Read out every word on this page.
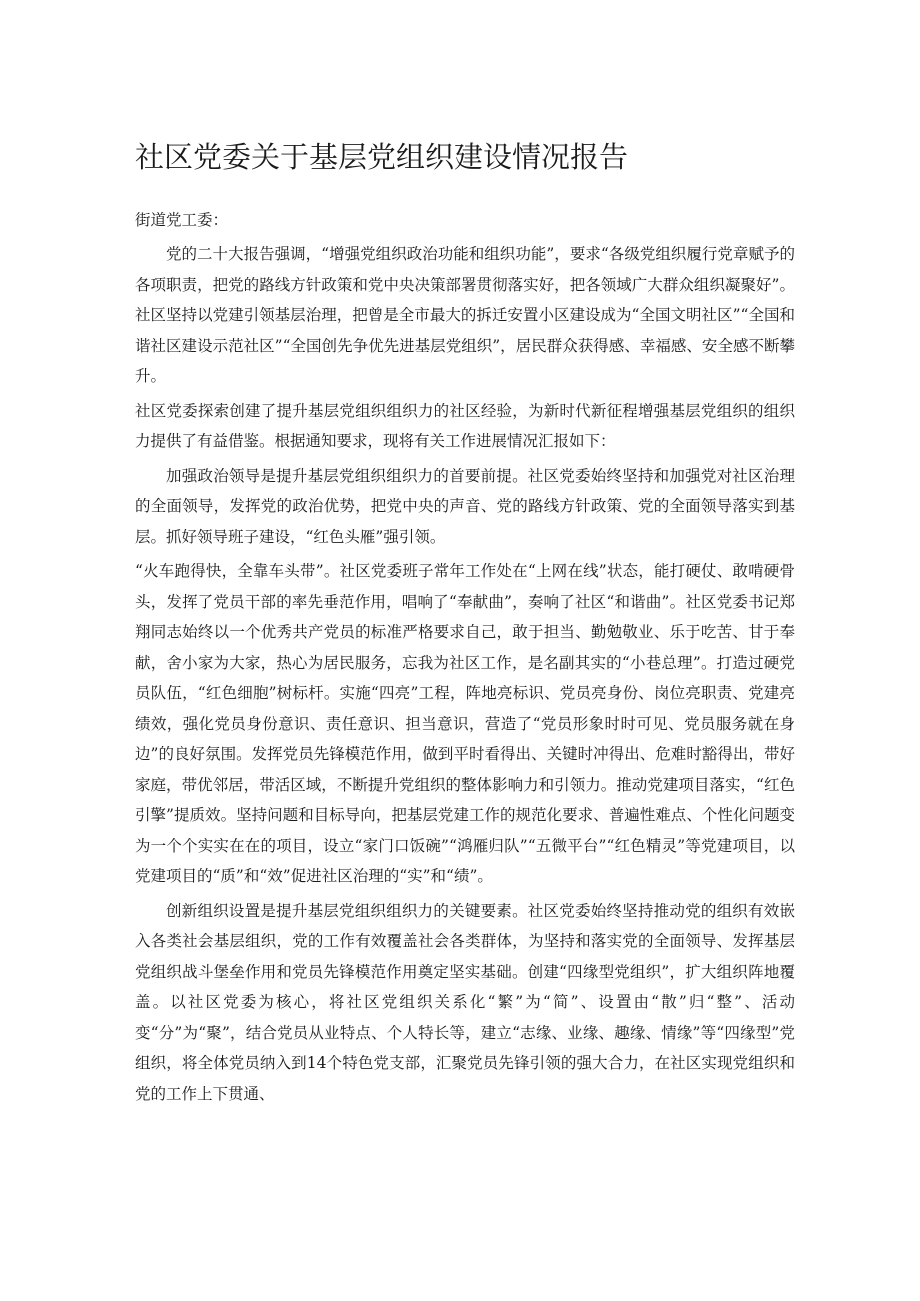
社区党委关于基层党组织建设情况报告

街道党工委：

党的二十大报告强调，“增强党组织政治功能和组织功能”，要求“各级党组织履行党章赋予的各项职责，把党的路线方针政策和党中央决策部署贯彻落实好，把各领域广大群众组织凝聚好”。社区坚持以党建引领基层治理，把曾是全市最大的拆迁安置小区建设成为“全国文明社区”“全国和谐社区建设示范社区”“全国创先争优先进基层党组织”，居民群众获得感、幸福感、安全感不断攀升。

社区党委探索创建了提升基层党组织组织力的社区经验，为新时代新征程增强基层党组织的组织力提供了有益借鉴。根据通知要求，现将有关工作进展情况汇报如下：

加强政治领导是提升基层党组织组织力的首要前提。社区党委始终坚持和加强党对社区治理的全面领导，发挥党的政治优势，把党中央的声音、党的路线方针政策、党的全面领导落实到基层。抓好领导班子建设，“红色头雁”强引领。

“火车跑得快，全靠车头带”。社区党委班子常年工作处在“上网在线”状态，能打硬仗、敢啃硬骨头，发挥了党员干部的率先垂范作用，唱响了“奉献曲”，奏响了社区“和谐曲”。社区党委书记郑翔同志始终以一个优秀共产党员的标准严格要求自己，敢于担当、勤勉敬业、乐于吃苦、甘于奉献，舍小家为大家，热心为居民服务，忘我为社区工作，是名副其实的“小巷总理”。打造过硬党员队伍，“红色细胞”树标杆。实施“四亮”工程，阵地亮标识、党员亮身份、岗位亮职责、党建亮绩效，强化党员身份意识、责任意识、担当意识，营造了“党员形象时时可见、党员服务就在身边”的良好氛围。发挥党员先锋模范作用，做到平时看得出、关键时冲得出、危难时豁得出，带好家庭，带优邻居，带活区域，不断提升党组织的整体影响力和引领力。推动党建项目落实，“红色引擎”提质效。坚持问题和目标导向，把基层党建工作的规范化要求、普遍性难点、个性化问题变为一个个实实在在的项目，设立“家门口饭碗”“鸿雁归队”“五微平台”“红色精灵”等党建项目，以党建项目的“质”和“效”促进社区治理的“实”和“绩”。

创新组织设置是提升基层党组织组织力的关键要素。社区党委始终坚持推动党的组织有效嵌入各类社会基层组织，党的工作有效覆盖社会各类群体，为坚持和落实党的全面领导、发挥基层党组织战斗堡垒作用和党员先锋模范作用奠定坚实基础。创建“四缘型党组织”，扩大组织阵地覆盖。以社区党委为核心，将社区党组织关系化“繁”为“简”、设置由“散”归“整”、活动变“分”为“聚”，结合党员从业特点、个人特长等，建立“志缘、业缘、趣缘、情缘”等“四缘型”党组织，将全体党员纳入到14个特色党支部，汇聚党员先锋引领的强大合力，在社区实现党组织和党的工作上下贯通、
